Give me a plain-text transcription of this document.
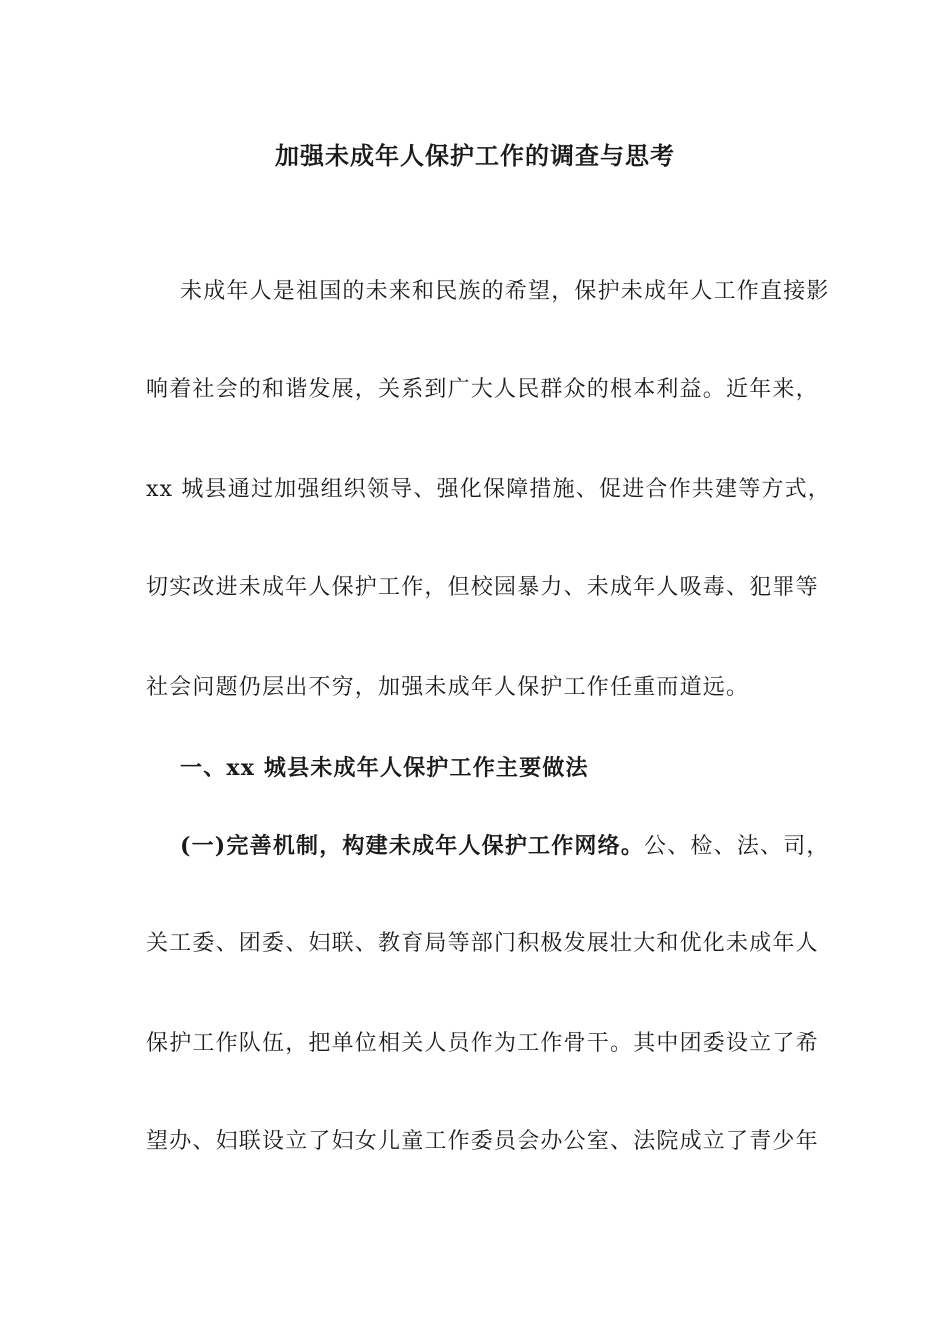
加强未成年人保护工作的调查与思考
未成年人是祖国的未来和民族的希望，保护未成年人工作直接影
响着社会的和谐发展，关系到广大人民群众的根本利益。近年来，
xx 城县通过加强组织领导、强化保障措施、促进合作共建等方式，
切实改进未成年人保护工作，但校园暴力、未成年人吸毒、犯罪等
社会问题仍层出不穷，加强未成年人保护工作任重而道远。
一、xx 城县未成年人保护工作主要做法
(一)完善机制，构建未成年人保护工作网络。公、检、法、司，
关工委、团委、妇联、教育局等部门积极发展壮大和优化未成年人
保护工作队伍，把单位相关人员作为工作骨干。其中团委设立了希
望办、妇联设立了妇女儿童工作委员会办公室、法院成立了青少年
